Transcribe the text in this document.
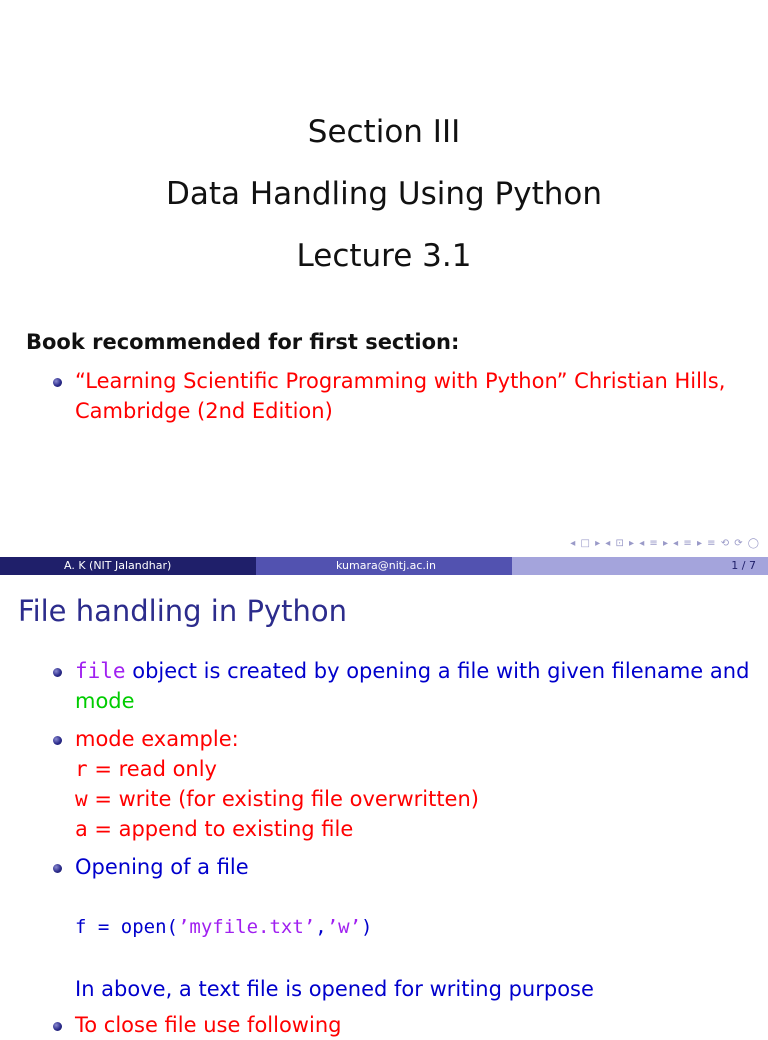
Section III
Data Handling Using Python
Lecture 3.1
Book recommended for first section:
“Learning Scientific Programming with Python” Christian Hills,
Cambridge (2nd Edition)
◂ □ ▸ ◂ ⊡ ▸ ◂ ≡ ▸ ◂ ≡ ▸ ≡ ⟲ ⟳ ◯
A. K (NIT Jalandhar)	kumara@nitj.ac.in	1 / 7
File handling in Python
file object is created by opening a file with given filename and
mode
mode example:
r = read only
w = write (for existing file overwritten)
a = append to existing file
Opening of a file
f = open(’myfile.txt’,’w’)
In above, a text file is opened for writing purpose
To close file use following
